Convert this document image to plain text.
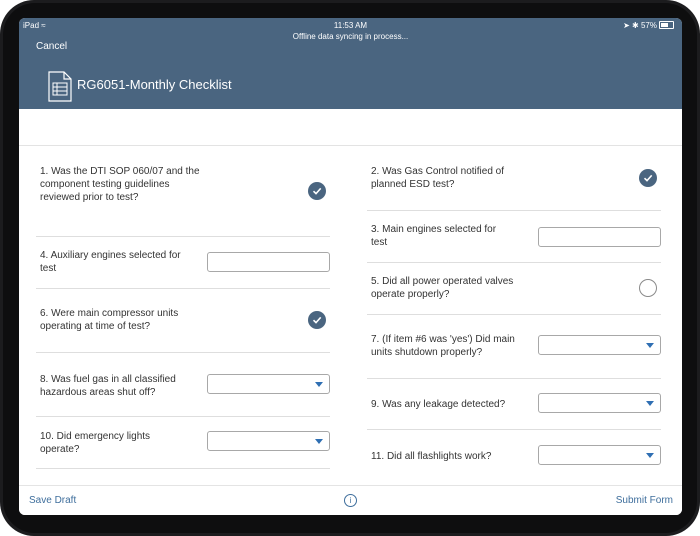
iPad ≈	11:53 AM	➤ ✱ 57%
Offline data syncing in process...
Cancel
RG6051-Monthly Checklist
1. Was the DTI SOP 060/07 and the component testing guidelines reviewed prior to test?
4. Auxiliary engines selected for test
6. Were main compressor units operating at time of test?
8. Was fuel gas in all classified hazardous areas shut off?
10. Did emergency lights operate?
2. Was Gas Control notified of planned ESD test?
3. Main engines selected for test
5. Did all power operated valves operate properly?
7. (If item #6 was 'yes') Did main units shutdown properly?
9. Was any leakage detected?
11. Did all flashlights work?
Save Draft	i	Submit Form
